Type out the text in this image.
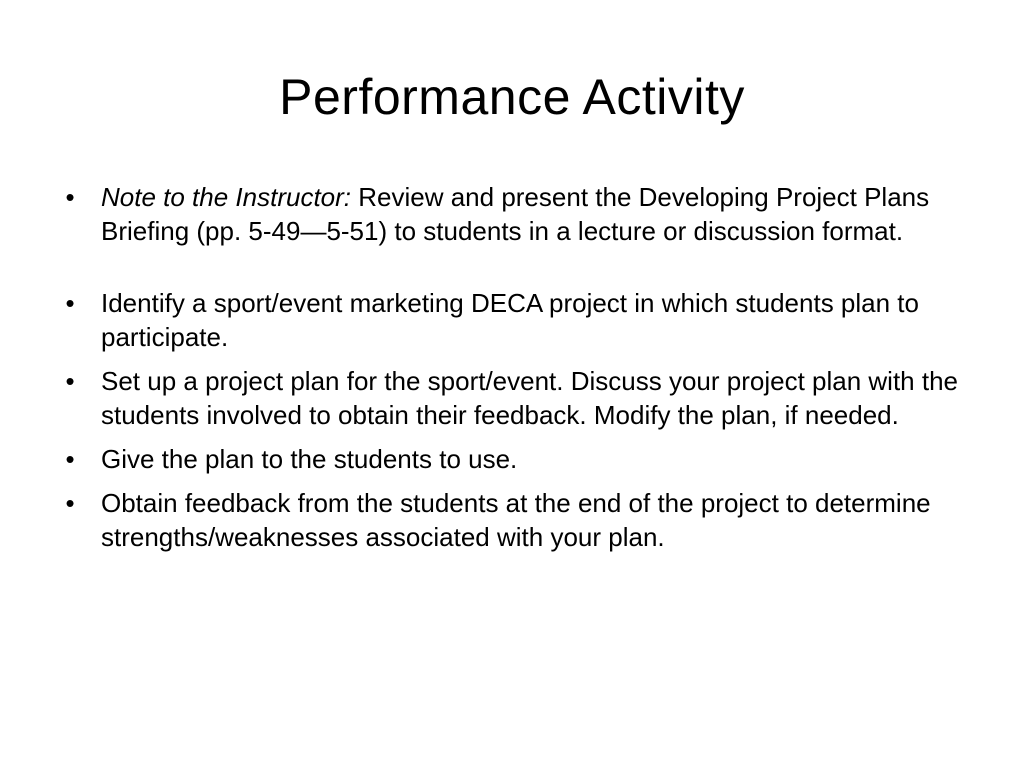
Performance Activity
• Note to the Instructor: Review and present the Developing Project Plans Briefing (pp. 5-49—5-51) to students in a lecture or discussion format.
• Identify a sport/event marketing DECA project in which students plan to participate.
• Set up a project plan for the sport/event. Discuss your project plan with the students involved to obtain their feedback. Modify the plan, if needed.
• Give the plan to the students to use.
• Obtain feedback from the students at the end of the project to determine strengths/weaknesses associated with your plan.
